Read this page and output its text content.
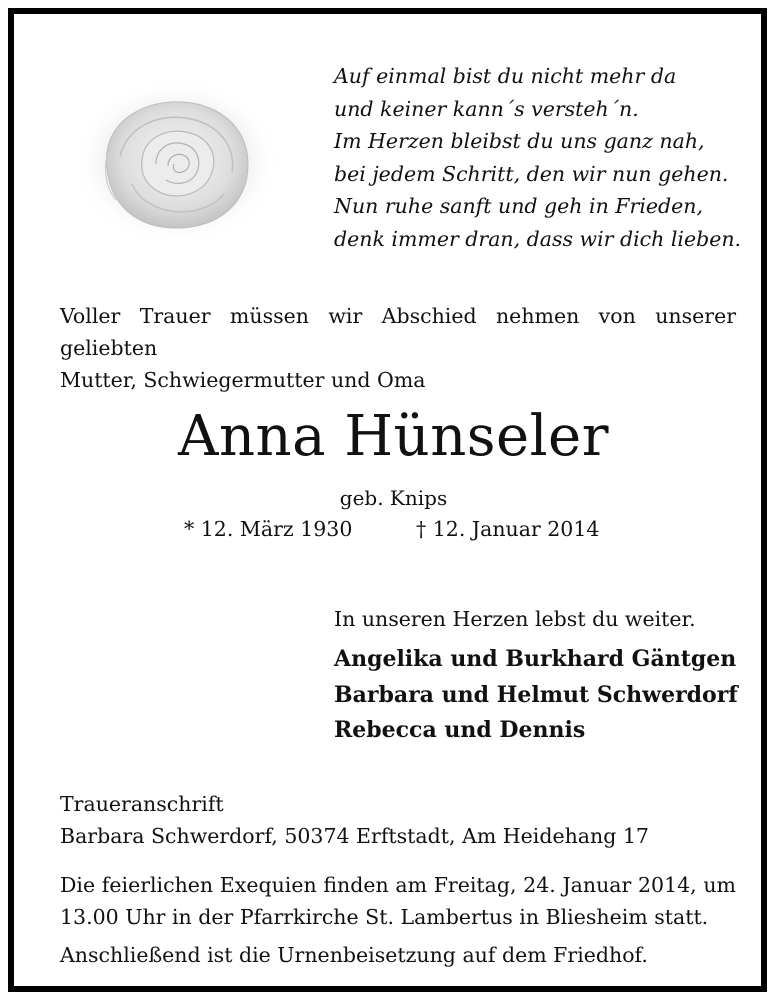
Auf einmal bist du nicht mehr da
und keiner kann´s versteh´n.
Im Herzen bleibst du uns ganz nah,
bei jedem Schritt, den wir nun gehen.
Nun ruhe sanft und geh in Frieden,
denk immer dran, dass wir dich lieben.
Voller Trauer müssen wir Abschied nehmen von unserer geliebten
Mutter, Schwiegermutter und Oma
Anna Hünseler
geb. Knips
* 12. März 1930	† 12. Januar 2014
In unseren Herzen lebst du weiter.
Angelika und Burkhard Gäntgen
Barbara und Helmut Schwerdorf
Rebecca und Dennis
Traueranschrift
Barbara Schwerdorf, 50374 Erftstadt, Am Heidehang 17
Die feierlichen Exequien finden am Freitag, 24. Januar 2014, um
13.00 Uhr in der Pfarrkirche St. Lambertus in Bliesheim statt.
Anschließend ist die Urnenbeisetzung auf dem Friedhof.
